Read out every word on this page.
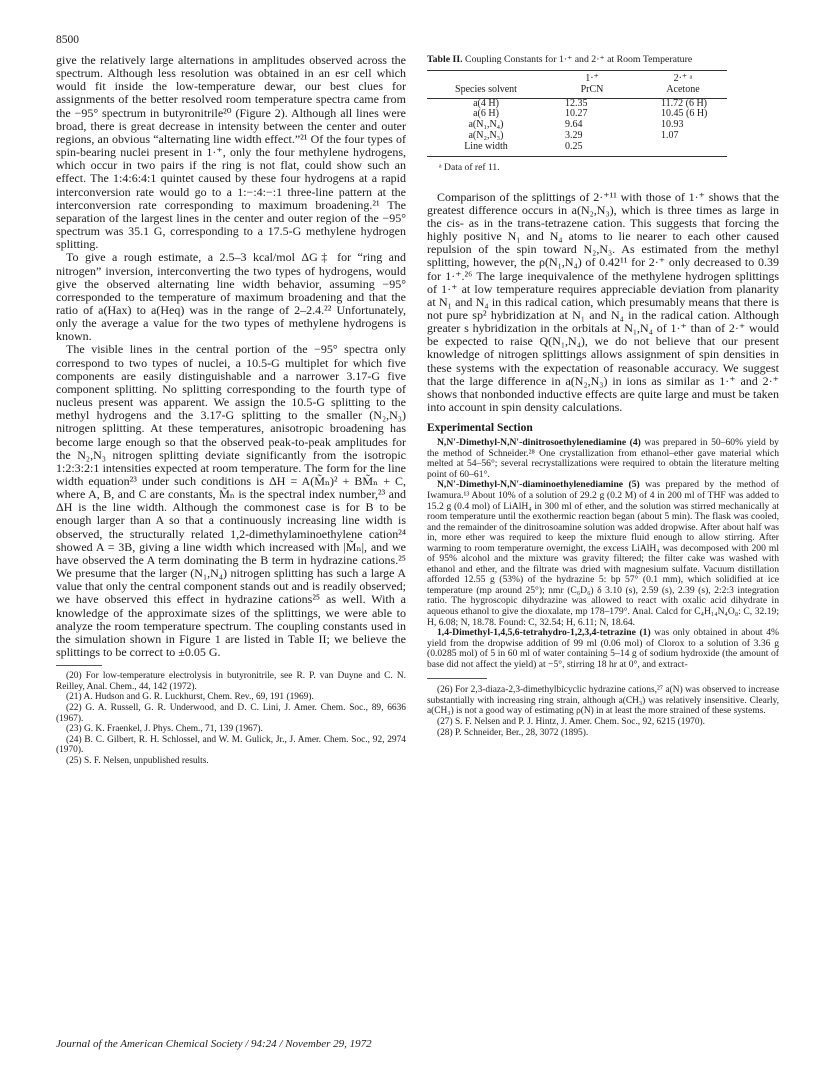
8500

give the relatively large alternations in amplitudes observed across the spectrum. Although less resolution was obtained in an esr cell which would fit inside the low-temperature dewar, our best clues for assignments of the better resolved room temperature spectra came from the −95° spectrum in butyronitrile²⁰ (Figure 2). Although all lines were broad, there is great decrease in intensity between the center and outer regions, an obvious “alternating line width effect.”²¹ Of the four types of spin-bearing nuclei present in 1·⁺, only the four methylene hydrogens, which occur in two pairs if the ring is not flat, could show such an effect. The 1:4:6:4:1 quintet caused by these four hydrogens at a rapid interconversion rate would go to a 1:−:4:−:1 three-line pattern at the interconversion rate corresponding to maximum broadening.²¹ The separation of the largest lines in the center and outer region of the −95° spectrum was 35.1 G, corresponding to a 17.5-G methylene hydrogen splitting.

To give a rough estimate, a 2.5–3 kcal/mol ΔG‡ for “ring and nitrogen” inversion, interconverting the two types of hydrogens, would give the observed alternating line width behavior, assuming −95° corresponded to the temperature of maximum broadening and that the ratio of a(Hax) to a(Heq) was in the range of 2–2.4.²² Unfortunately, only the average a value for the two types of methylene hydrogens is known.

The visible lines in the central portion of the −95° spectra only correspond to two types of nuclei, a 10.5-G multiplet for which five components are easily distinguishable and a narrower 3.17-G five component splitting. No splitting corresponding to the fourth type of nucleus present was apparent. We assign the 10.5-G splitting to the methyl hydrogens and the 3.17-G splitting to the smaller (N₂,N₃) nitrogen splitting. At these temperatures, anisotropic broadening has become large enough so that the observed peak-to-peak amplitudes for the N₂,N₃ nitrogen splitting deviate significantly from the isotropic 1:2:3:2:1 intensities expected at room temperature. The form for the line width equation²³ under such conditions is ΔH = A(M̃ₙ)² + BM̃ₙ + C, where A, B, and C are constants, M̃ₙ is the spectral index number,²³ and ΔH is the line width. Although the commonest case is for B to be enough larger than A so that a continuously increasing line width is observed, the structurally related 1,2-dimethylaminoethylene cation²⁴ showed A = 3B, giving a line width which increased with |M̃ₙ|, and we have observed the A term dominating the B term in hydrazine cations.²⁵ We presume that the larger (N₁,N₄) nitrogen splitting has such a large A value that only the central component stands out and is readily observed; we have observed this effect in hydrazine cations²⁵ as well. With a knowledge of the approximate sizes of the splittings, we were able to analyze the room temperature spectrum. The coupling constants used in the simulation shown in Figure 1 are listed in Table II; we believe the splittings to be correct to ±0.05 G.

(20) For low-temperature electrolysis in butyronitrile, see R. P. van Duyne and C. N. Reilley, Anal. Chem., 44, 142 (1972).

(21) A. Hudson and G. R. Luckhurst, Chem. Rev., 69, 191 (1969).

(22) G. A. Russell, G. R. Underwood, and D. C. Lini, J. Amer. Chem. Soc., 89, 6636 (1967).

(23) G. K. Fraenkel, J. Phys. Chem., 71, 139 (1967).

(24) B. C. Gilbert, R. H. Schlossel, and W. M. Gulick, Jr., J. Amer. Chem. Soc., 92, 2974 (1970).

(25) S. F. Nelsen, unpublished results.

Table II. Coupling Constants for 1·⁺ and 2·⁺ at Room Temperature

	1·⁺	2·⁺ ᵃ
Species solvent	PrCN	Acetone
a(4 H)	12.35	11.72 (6 H)
a(6 H)	10.27	10.45 (6 H)
a(N₁,N₄)	9.64	10.93
a(N₂,N₃)	3.29	1.07
Line width	0.25	

ᵃ Data of ref 11.

Comparison of the splittings of 2·⁺¹¹ with those of 1·⁺ shows that the greatest difference occurs in a(N₂,N₃), which is three times as large in the cis- as in the trans-tetrazene cation. This suggests that forcing the highly positive N₁ and N₄ atoms to lie nearer to each other caused repulsion of the spin toward N₂,N₃. As estimated from the methyl splitting, however, the ρ(N₁,N₄) of 0.42¹¹ for 2·⁺ only decreased to 0.39 for 1·⁺.²⁶ The large inequivalence of the methylene hydrogen splittings of 1·⁺ at low temperature requires appreciable deviation from planarity at N₁ and N₄ in this radical cation, which presumably means that there is not pure sp² hybridization at N₁ and N₄ in the radical cation. Although greater s hybridization in the orbitals at N₁,N₄ of 1·⁺ than of 2·⁺ would be expected to raise Q(N₁,N₄), we do not believe that our present knowledge of nitrogen splittings allows assignment of spin densities in these systems with the expectation of reasonable accuracy. We suggest that the large difference in a(N₂,N₃) in ions as similar as 1·⁺ and 2·⁺ shows that nonbonded inductive effects are quite large and must be taken into account in spin density calculations.

Experimental Section

N,N′-Dimethyl-N,N′-dinitrosoethylenediamine (4) was prepared in 50–60% yield by the method of Schneider.²⁸ One crystallization from ethanol–ether gave material which melted at 54–56°; several recrystallizations were required to obtain the literature melting point of 60–61°.

N,N′-Dimethyl-N,N′-diaminoethylenediamine (5) was prepared by the method of Iwamura.¹³ About 10% of a solution of 29.2 g (0.2 M) of 4 in 200 ml of THF was added to 15.2 g (0.4 mol) of LiAlH₄ in 300 ml of ether, and the solution was stirred mechanically at room temperature until the exothermic reaction began (about 5 min). The flask was cooled, and the remainder of the dinitrosoamine solution was added dropwise. After about half was in, more ether was required to keep the mixture fluid enough to allow stirring. After warming to room temperature overnight, the excess LiAlH₄ was decomposed with 200 ml of 95% alcohol and the mixture was gravity filtered; the filter cake was washed with ethanol and ether, and the filtrate was dried with magnesium sulfate. Vacuum distillation afforded 12.55 g (53%) of the hydrazine 5: bp 57° (0.1 mm), which solidified at ice temperature (mp around 25°); nmr (C₆D₆) δ 3.10 (s), 2.59 (s), 2.39 (s), 2:2:3 integration ratio. The hygroscopic dihydrazine was allowed to react with oxalic acid dihydrate in aqueous ethanol to give the dioxalate, mp 178–179°. Anal. Calcd for C₄H₁₄N₄O₈: C, 32.19; H, 6.08; N, 18.78. Found: C, 32.54; H, 6.11; N, 18.64.

1,4-Dimethyl-1,4,5,6-tetrahydro-1,2,3,4-tetrazine (1) was only obtained in about 4% yield from the dropwise addition of 99 ml (0.06 mol) of Clorox to a solution of 3.36 g (0.0285 mol) of 5 in 60 ml of water containing 5–14 g of sodium hydroxide (the amount of base did not affect the yield) at −5°, stirring 18 hr at 0°, and extract-

(26) For 2,3-diaza-2,3-dimethylbicyclic hydrazine cations,²⁷ a(N) was observed to increase substantially with increasing ring strain, although a(CH₃) was relatively insensitive. Clearly, a(CH₃) is not a good way of estimating ρ(N) in at least the more strained of these systems.

(27) S. F. Nelsen and P. J. Hintz, J. Amer. Chem. Soc., 92, 6215 (1970).

(28) P. Schneider, Ber., 28, 3072 (1895).

Journal of the American Chemical Society / 94:24 / November 29, 1972
